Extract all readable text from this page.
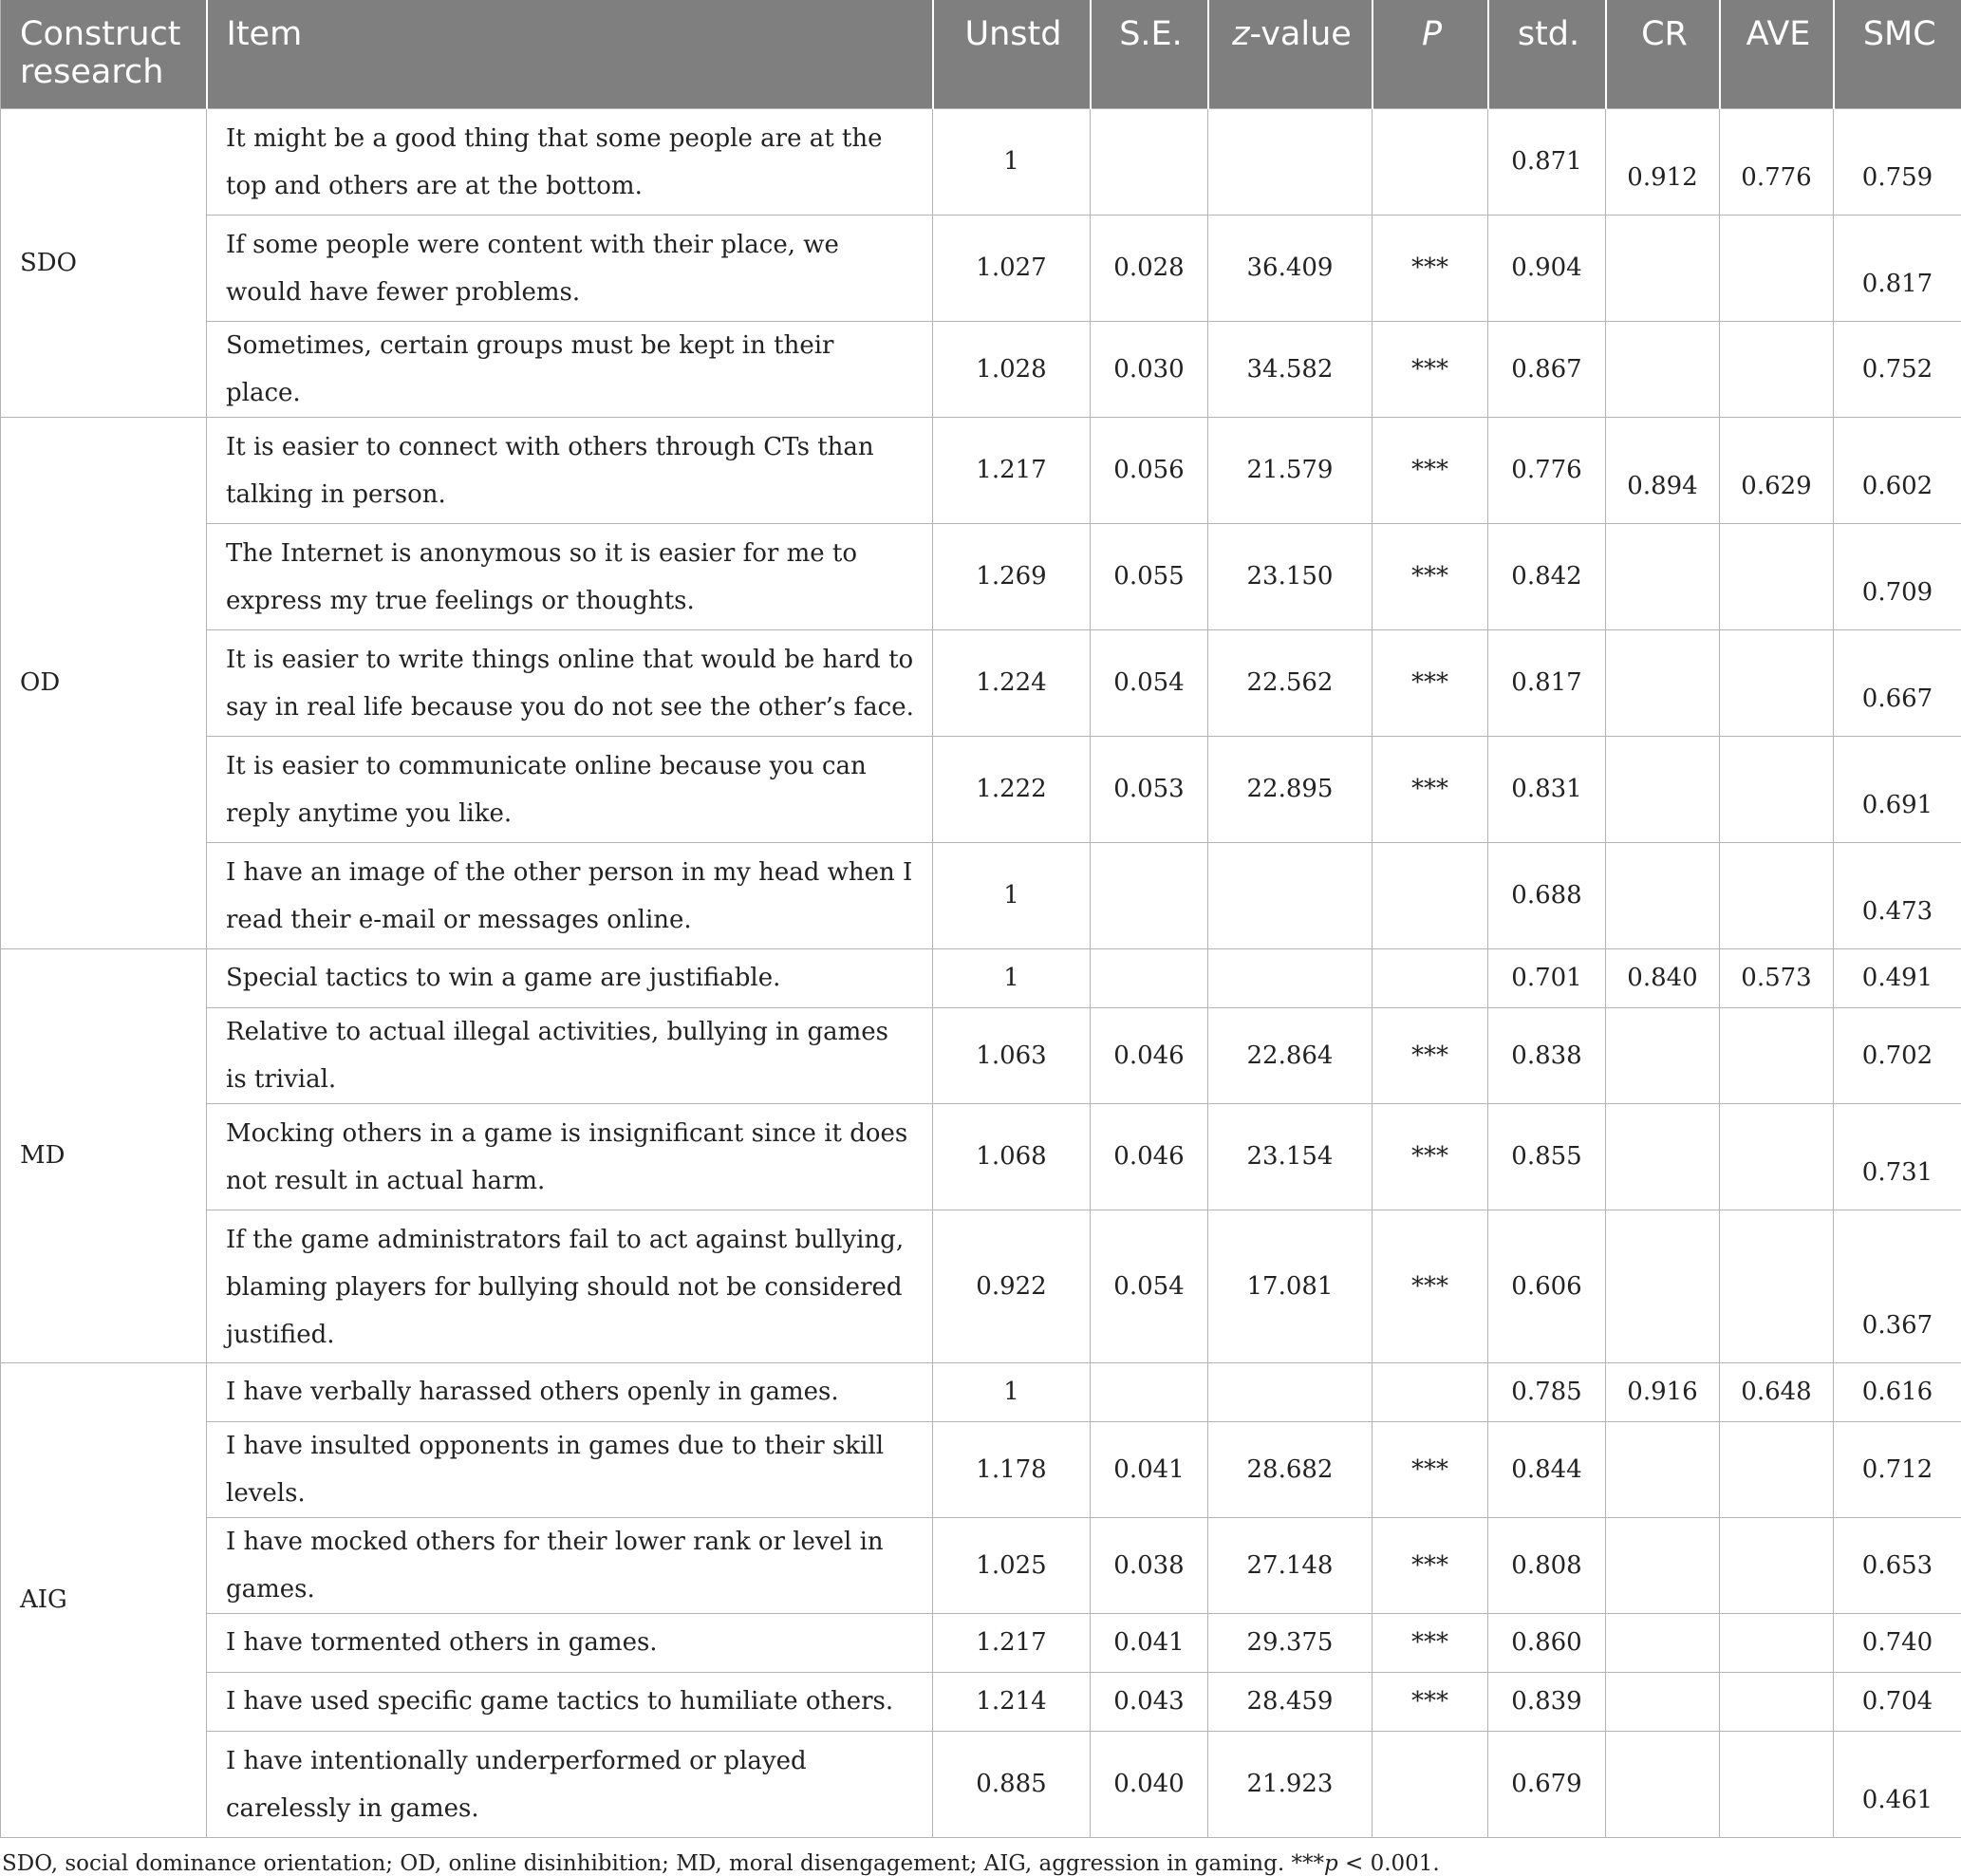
Construct research	Item	Unstd	S.E.	z-value	P	std.	CR	AVE	SMC
SDO	It might be a good thing that some people are at the top and others are at the bottom.	1				0.871	0.912	0.776	0.759
	If some people were content with their place, we would have fewer problems.	1.027	0.028	36.409	***	0.904			0.817
	Sometimes, certain groups must be kept in their place.	1.028	0.030	34.582	***	0.867			0.752
OD	It is easier to connect with others through CTs than talking in person.	1.217	0.056	21.579	***	0.776	0.894	0.629	0.602
	The Internet is anonymous so it is easier for me to express my true feelings or thoughts.	1.269	0.055	23.150	***	0.842			0.709
	It is easier to write things online that would be hard to say in real life because you do not see the other’s face.	1.224	0.054	22.562	***	0.817			0.667
	It is easier to communicate online because you can reply anytime you like.	1.222	0.053	22.895	***	0.831			0.691
	I have an image of the other person in my head when I read their e-mail or messages online.	1				0.688			0.473
MD	Special tactics to win a game are justifiable.	1				0.701	0.840	0.573	0.491
	Relative to actual illegal activities, bullying in games is trivial.	1.063	0.046	22.864	***	0.838			0.702
	Mocking others in a game is insignificant since it does not result in actual harm.	1.068	0.046	23.154	***	0.855			0.731
	If the game administrators fail to act against bullying, blaming players for bullying should not be considered justified.	0.922	0.054	17.081	***	0.606			0.367
AIG	I have verbally harassed others openly in games.	1				0.785	0.916	0.648	0.616
	I have insulted opponents in games due to their skill levels.	1.178	0.041	28.682	***	0.844			0.712
	I have mocked others for their lower rank or level in games.	1.025	0.038	27.148	***	0.808			0.653
	I have tormented others in games.	1.217	0.041	29.375	***	0.860			0.740
	I have used specific game tactics to humiliate others.	1.214	0.043	28.459	***	0.839			0.704
	I have intentionally underperformed or played carelessly in games.	0.885	0.040	21.923		0.679			0.461
SDO, social dominance orientation; OD, online disinhibition; MD, moral disengagement; AIG, aggression in gaming. ***p < 0.001.
